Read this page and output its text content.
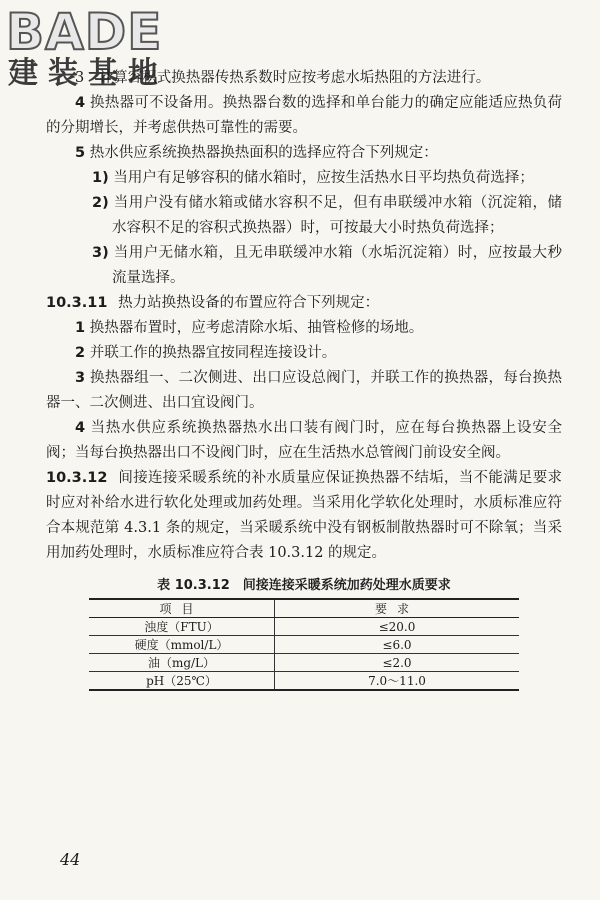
BADE
建装基地

3　计算容积式换热器传热系数时应按考虑水垢热阻的方法进行。

4 换热器可不设备用。换热器台数的选择和单台能力的确定应能适应热负荷的分期增长，并考虑供热可靠性的需要。

5 热水供应系统换热器换热面积的选择应符合下列规定：

1) 当用户有足够容积的储水箱时，应按生活热水日平均热负荷选择；

2) 当用户没有储水箱或储水容积不足，但有串联缓冲水箱（沉淀箱，储水容积不足的容积式换热器）时，可按最大小时热负荷选择；

3) 当用户无储水箱，且无串联缓冲水箱（水垢沉淀箱）时，应按最大秒流量选择。

10.3.11 热力站换热设备的布置应符合下列规定：

1 换热器布置时，应考虑清除水垢、抽管检修的场地。

2 并联工作的换热器宜按同程连接设计。

3 换热器组一、二次侧进、出口应设总阀门，并联工作的换热器，每台换热器一、二次侧进、出口宜设阀门。

4 当热水供应系统换热器热水出口装有阀门时，应在每台换热器上设安全阀；当每台换热器出口不设阀门时，应在生活热水总管阀门前设安全阀。

10.3.12 间接连接采暖系统的补水质量应保证换热器不结垢，当不能满足要求时应对补给水进行软化处理或加药处理。当采用化学软化处理时，水质标准应符合本规范第 4.3.1 条的规定，当采暖系统中没有钢板制散热器时可不除氧；当采用加药处理时，水质标准应符合表 10.3.12 的规定。

表 10.3.12　间接连接采暖系统加药处理水质要求
项目	要求
浊度（FTU）	≤20.0
硬度（mmol/L）	≤6.0
油（mg/L）	≤2.0
pH（25℃）	7.0～11.0
44
